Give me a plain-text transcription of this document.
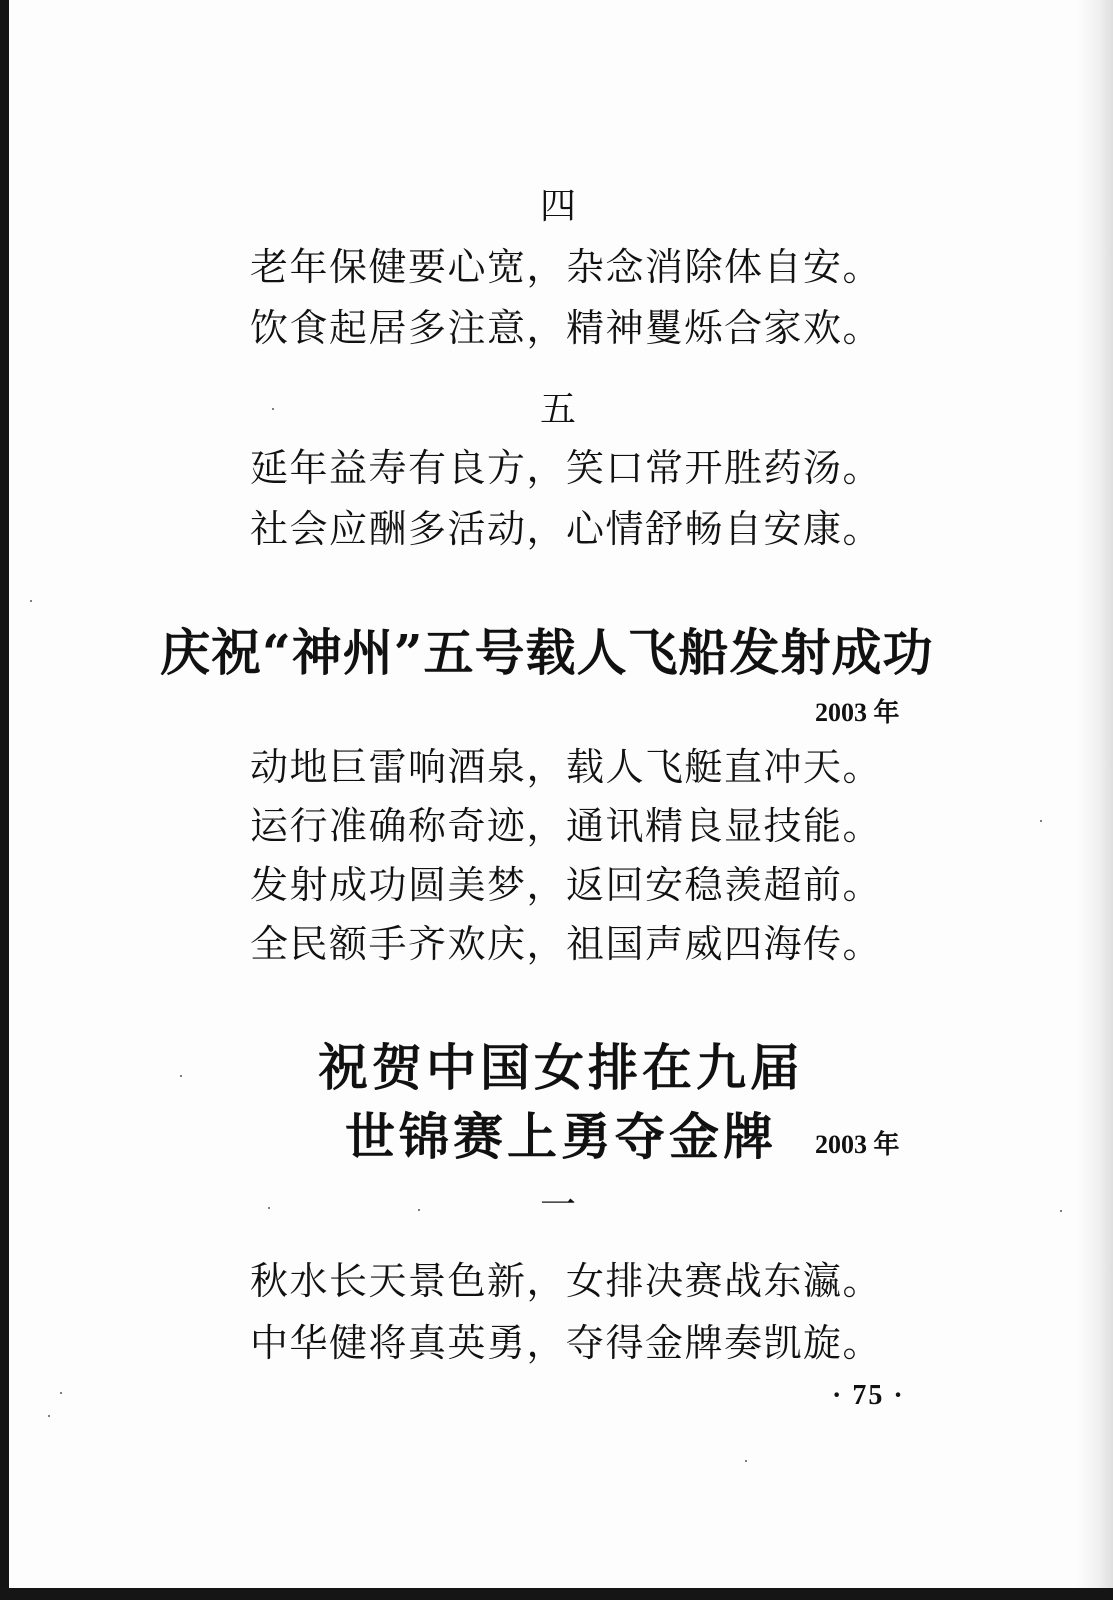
四
老年保健要心宽，杂念消除体自安。
饮食起居多注意，精神矍烁合家欢。
五
延年益寿有良方，笑口常开胜药汤。
社会应酬多活动，心情舒畅自安康。
庆祝“神州”五号载人飞船发射成功
2003 年
动地巨雷响酒泉，载人飞艇直冲天。
运行准确称奇迹，通讯精良显技能。
发射成功圆美梦，返回安稳羡超前。
全民额手齐欢庆，祖国声威四海传。
祝贺中国女排在九届
世锦赛上勇夺金牌 2003 年
一
秋水长天景色新，女排决赛战东瀛。
中华健将真英勇，夺得金牌奏凯旋。
· 75 ·
